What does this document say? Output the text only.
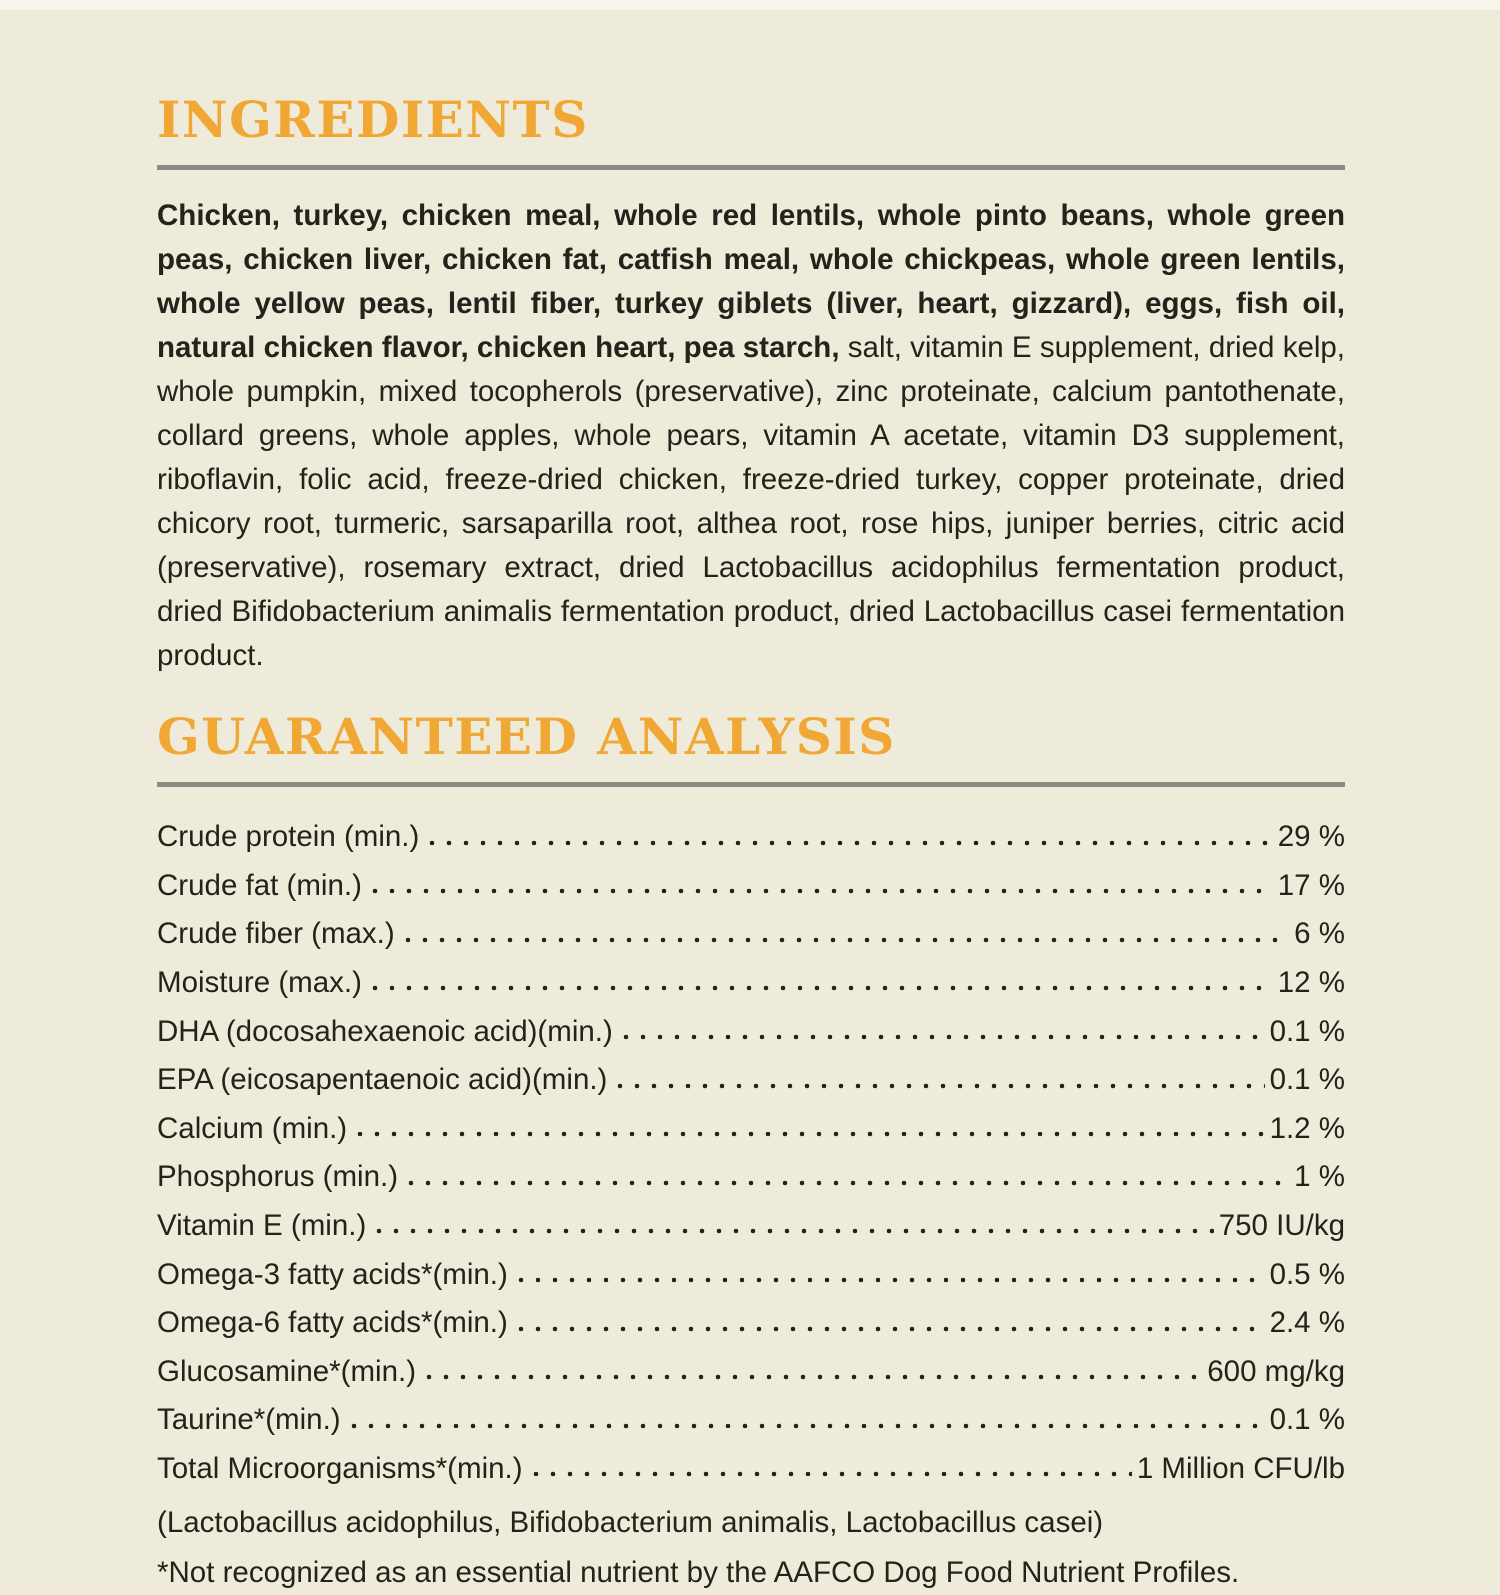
INGREDIENTS

Chicken, turkey, chicken meal, whole red lentils, whole pinto beans, whole green peas, chicken liver, chicken fat, catfish meal, whole chickpeas, whole green lentils, whole yellow peas, lentil fiber, turkey giblets (liver, heart, gizzard), eggs, fish oil, natural chicken flavor, chicken heart, pea starch, salt, vitamin E supplement, dried kelp, whole pumpkin, mixed tocopherols (preservative), zinc proteinate, calcium pantothenate, collard greens, whole apples, whole pears, vitamin A acetate, vitamin D3 supplement, riboflavin, folic acid, freeze-dried chicken, freeze-dried turkey, copper proteinate, dried chicory root, turmeric, sarsaparilla root, althea root, rose hips, juniper berries, citric acid (preservative), rosemary extract, dried Lactobacillus acidophilus fermentation product, dried Bifidobacterium animalis fermentation product, dried Lactobacillus casei fermentation product.

GUARANTEED ANALYSIS
Crude protein (min.)	29 %
Crude fat (min.)	17 %
Crude fiber (max.)	6 %
Moisture (max.)	12 %
DHA (docosahexaenoic acid)(min.)	0.1 %
EPA (eicosapentaenoic acid)(min.)	0.1 %
Calcium (min.)	1.2 %
Phosphorus (min.)	1 %
Vitamin E (min.)	750 IU/kg
Omega-3 fatty acids*(min.)	0.5 %
Omega-6 fatty acids*(min.)	2.4 %
Glucosamine*(min.)	600 mg/kg
Taurine*(min.)	0.1 %
Total Microorganisms*(min.)	1 Million CFU/lb

(Lactobacillus acidophilus, Bifidobacterium animalis, Lactobacillus casei)

*Not recognized as an essential nutrient by the AAFCO Dog Food Nutrient Profiles.
